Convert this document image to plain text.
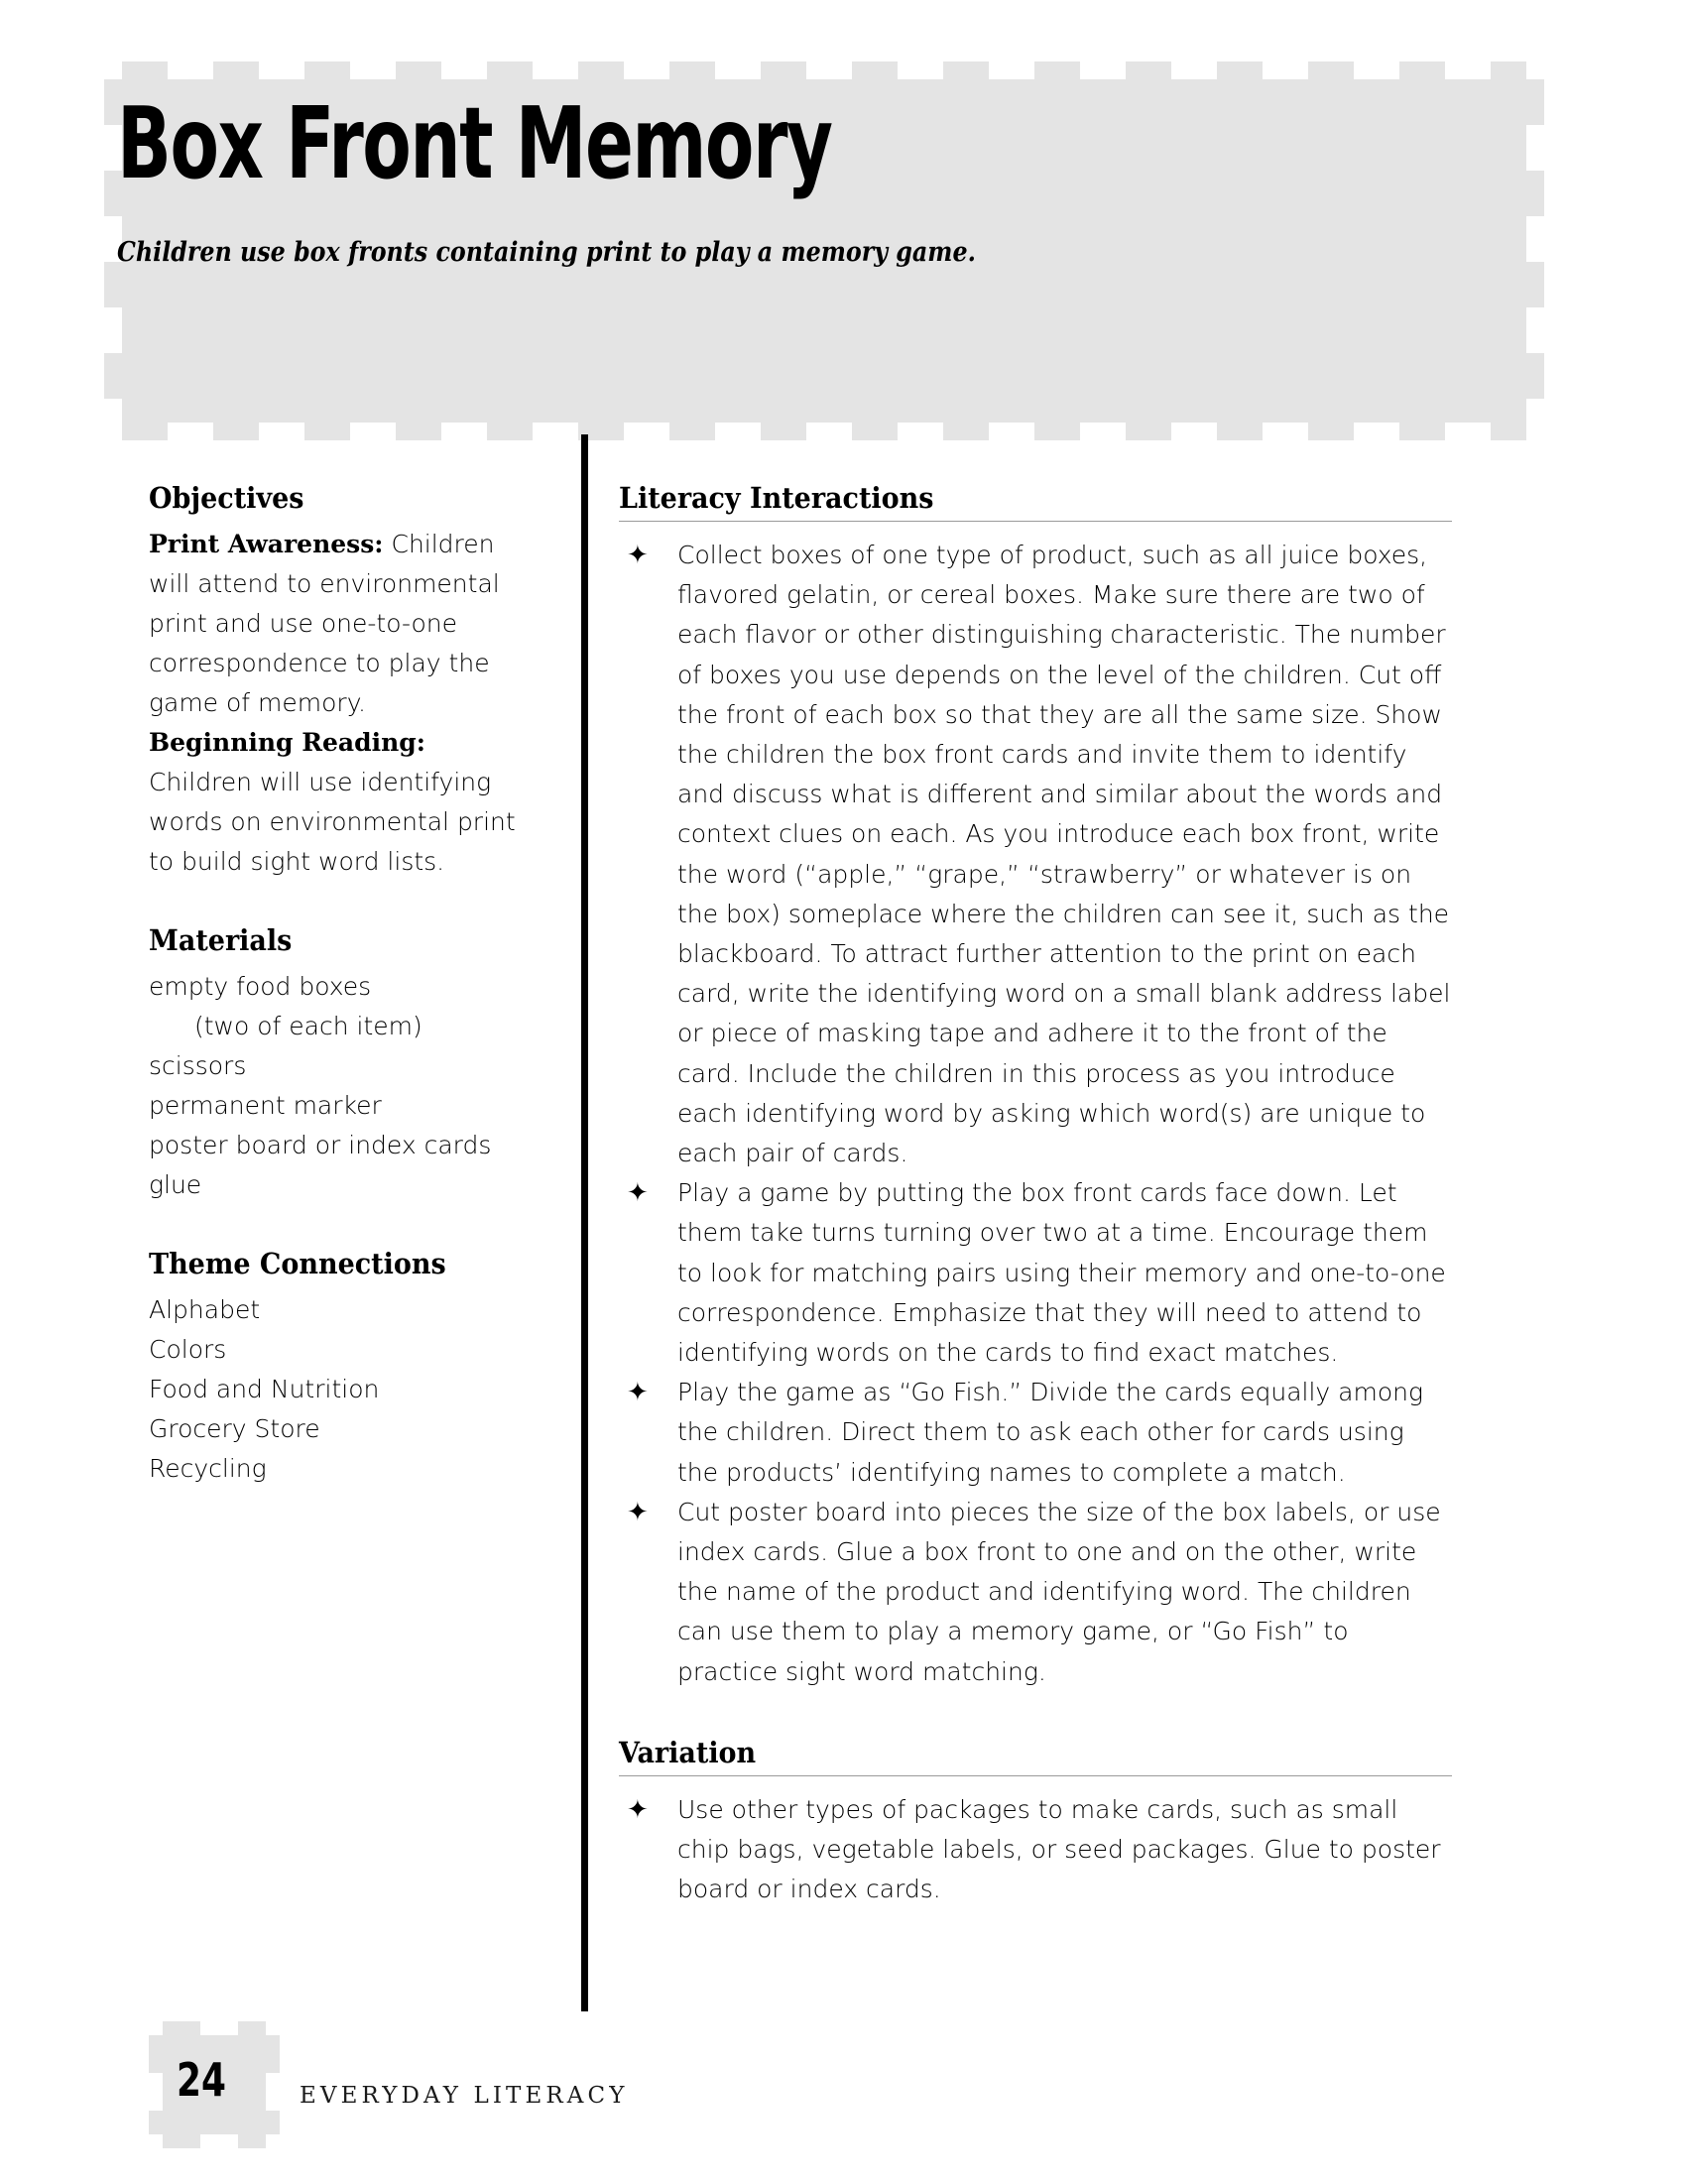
Box Front Memory
Children use box fronts containing print to play a memory game.
Objectives
Print Awareness: Children will attend to environmental print and use one-to-one correspondence to play the game of memory.
Beginning Reading: Children will use identifying words on environmental print to build sight word lists.
Materials
empty food boxes
(two of each item)
scissors
permanent marker
poster board or index cards
glue
Theme Connections
Alphabet
Colors
Food and Nutrition
Grocery Store
Recycling
Literacy Interactions
✦ Collect boxes of one type of product, such as all juice boxes, flavored gelatin, or cereal boxes. Make sure there are two of each flavor or other distinguishing characteristic. The number of boxes you use depends on the level of the children. Cut off the front of each box so that they are all the same size. Show the children the box front cards and invite them to identify and discuss what is different and similar about the words and context clues on each. As you introduce each box front, write the word (“apple,” “grape,” “strawberry” or whatever is on the box) someplace where the children can see it, such as the blackboard. To attract further attention to the print on each card, write the identifying word on a small blank address label or piece of masking tape and adhere it to the front of the card. Include the children in this process as you introduce each identifying word by asking which word(s) are unique to each pair of cards.
✦ Play a game by putting the box front cards face down. Let them take turns turning over two at a time. Encourage them to look for matching pairs using their memory and one-to-one correspondence. Emphasize that they will need to attend to identifying words on the cards to find exact matches.
✦ Play the game as “Go Fish.” Divide the cards equally among the children. Direct them to ask each other for cards using the products’ identifying names to complete a match.
✦ Cut poster board into pieces the size of the box labels, or use index cards. Glue a box front to one and on the other, write the name of the product and identifying word. The children can use them to play a memory game, or “Go Fish” to practice sight word matching.
Variation
✦ Use other types of packages to make cards, such as small chip bags, vegetable labels, or seed packages. Glue to poster board or index cards.
24	EVERYDAY LITERACY
